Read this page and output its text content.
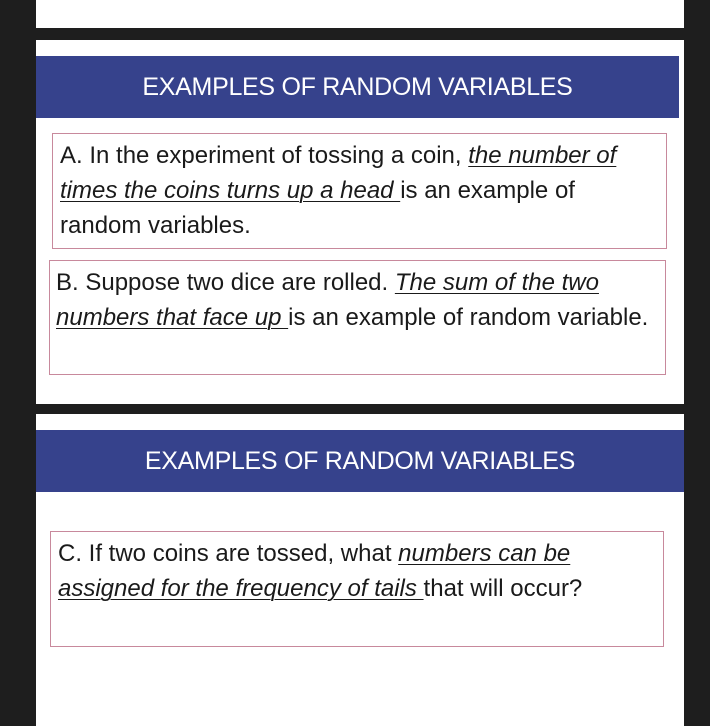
EXAMPLES OF RANDOM VARIABLES
A. In the experiment of tossing a coin, the number of times the coins turns up a head is an example of random variables.
B. Suppose two dice are rolled. The sum of the two numbers that face up is an example of random variable.
EXAMPLES OF RANDOM VARIABLES
C. If two coins are tossed, what numbers can be assigned for the frequency of tails that will occur?
